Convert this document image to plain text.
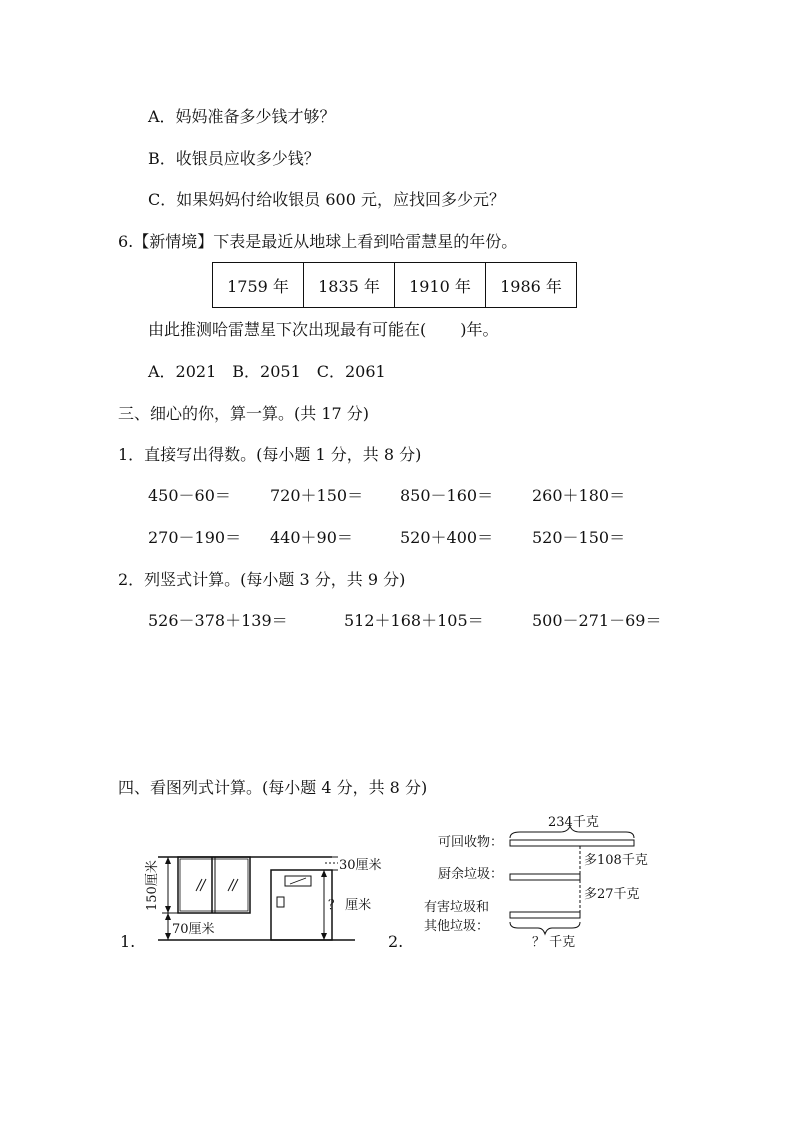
A．妈妈准备多少钱才够？
B．收银员应收多少钱？
C．如果妈妈付给收银员 600 元，应找回多少元？
6.【新情境】下表是最近从地球上看到哈雷慧星的年份。
1759 年	1835 年	1910 年	1986 年
由此推测哈雷慧星下次出现最有可能在( )年。
A．2021　B．2051　C．2061
三、细心的你，算一算。(共 17 分)
1．直接写出得数。(每小题 1 分，共 8 分)
450－60＝ 720＋150＝ 850－160＝ 260＋180＝
270－190＝ 440＋90＝	520＋400＝ 520－150＝
2．列竖式计算。(每小题 3 分，共 9 分)
526－378＋139＝	512＋168＋105＝	500－271－69＝
四、看图列式计算。(每小题 4 分，共 8 分)
1.	2.
150厘米	30厘米
？ 厘米
70厘米
可回收物：
厨余垃圾：
有害垃圾和
其他垃圾：
234千克
多108千克
多27千克
？ 千克
